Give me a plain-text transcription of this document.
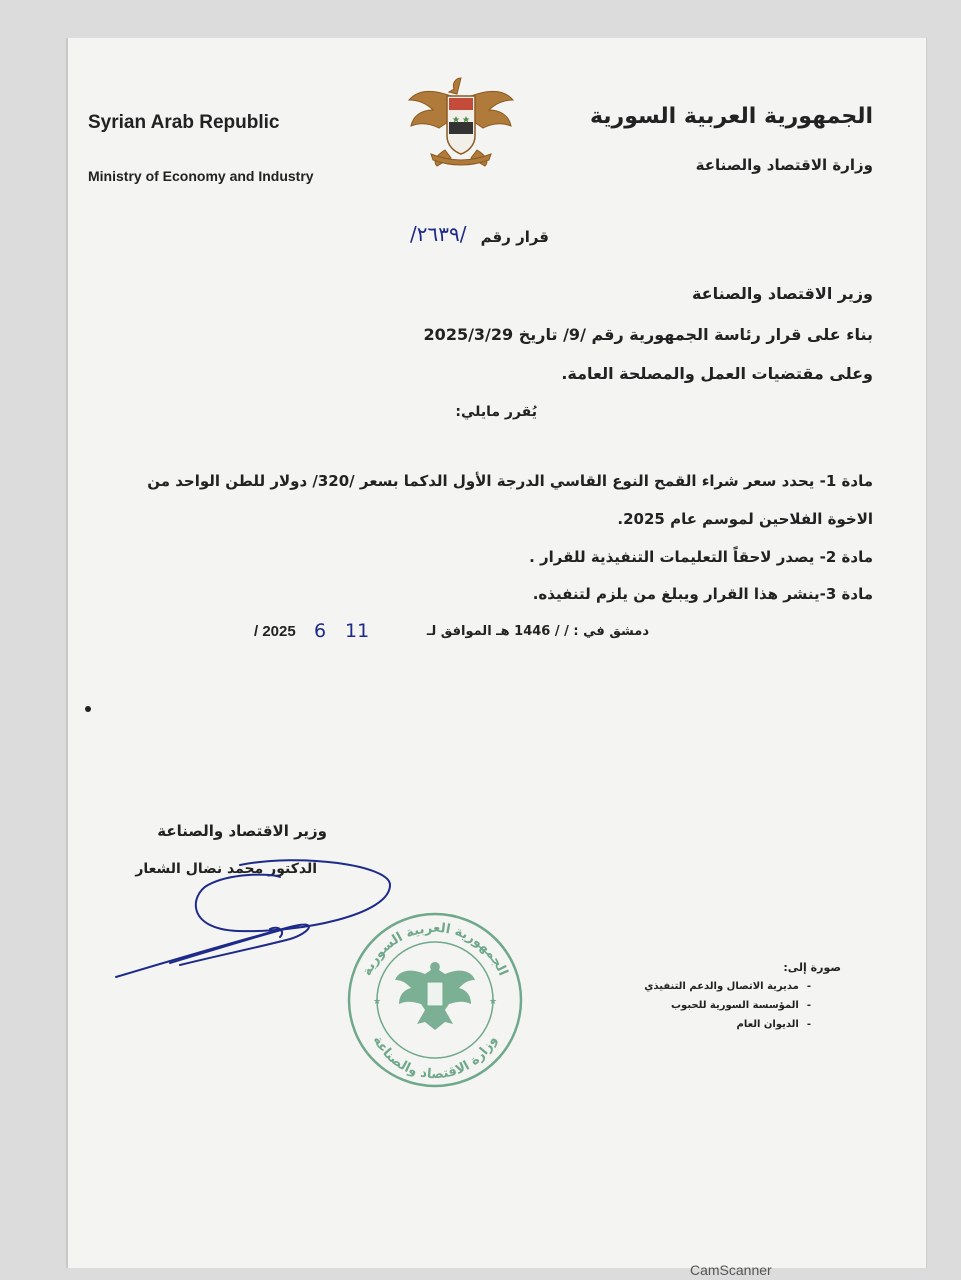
Syrian Arab Republic
Ministry of Economy and Industry
الجمهورية العربية السورية
وزارة الاقتصاد والصناعة
قرار رقم
/٢٦٣٩/
وزير الاقتصاد والصناعة
بناء على قرار رئاسة الجمهورية رقم /9/ تاريخ 2025/3/29
وعلى مقتضيات العمل والمصلحة العامة.
يُقرر مايلي:
مادة 1- يحدد سعر شراء القمح النوع القاسي الدرجة الأول الدكما بسعر /320/ دولار للطن الواحد من
الاخوة الفلاحين لموسم عام 2025.
مادة 2- يصدر لاحقاً التعليمات التنفيذية للقرار .
مادة 3-ينشر هذا القرار ويبلغ من يلزم لتنفيذه.
دمشق في : / / 1446 هـ الموافق لـ
11
6
/ 2025
وزير الاقتصاد والصناعة
الدكتور محمد نضال الشعار
الجمهورية العربية السورية
وزارة الاقتصاد والصناعة
★	★
صورة إلى:
-مديرية الاتصال والدعم التنفيذي
-المؤسسة السورية للحبوب
-الديوان العام
CamScanner
